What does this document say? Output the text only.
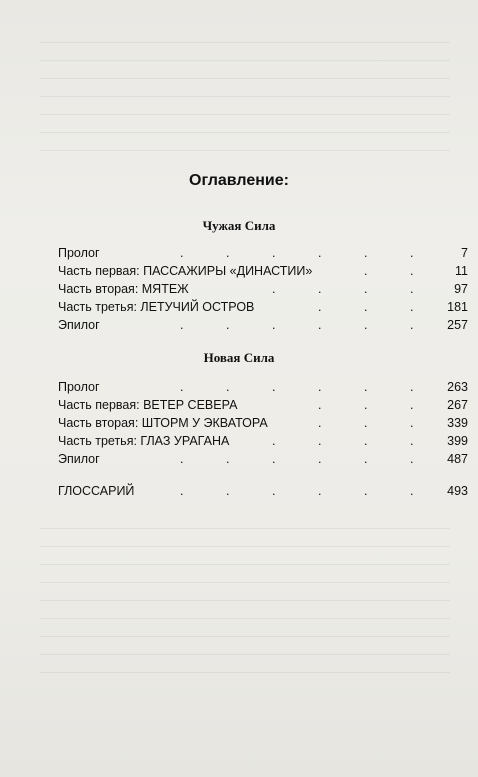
Оглавление:
Чужая Сила
Пролог	7
.	.	.	.	.	.
Часть первая: ПАССАЖИРЫ «ДИНАСТИИ»	11
.	.
Часть вторая: МЯТЕЖ	97
.	.	.	.
Часть третья: ЛЕТУЧИЙ ОСТРОВ	181
.	.	.
Эпилог	257
.	.	.	.	.	.
Новая Сила
Пролог	263
.	.	.	.	.	.
Часть первая: ВЕТЕР СЕВЕРА	267
.	.	.
Часть вторая: ШТОРМ У ЭКВАТОРА	339
.	.	.
Часть третья: ГЛАЗ УРАГАНА	399
.	.	.	.
Эпилог	487
.	.	.	.	.	.
ГЛОССАРИЙ	493
.	.	.	.	.	.
